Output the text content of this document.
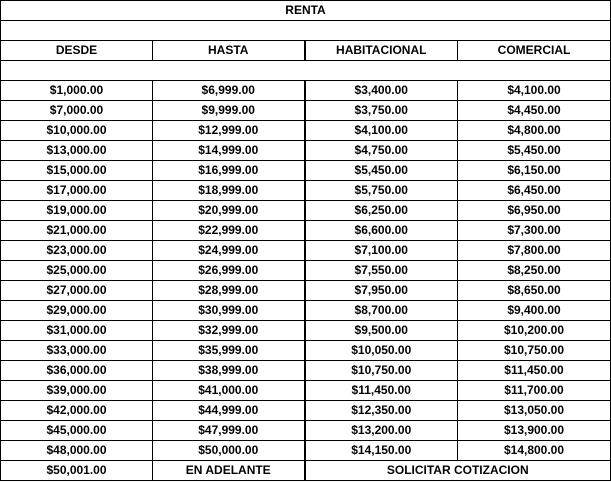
RENTA			

DESDE	HASTA	HABITACIONAL	COMERCIAL

$1,000.00	$6,999.00	$3,400.00	$4,100.00
$7,000.00	$9,999.00	$3,750.00	$4,450.00
$10,000.00	$12,999.00	$4,100.00	$4,800.00
$13,000.00	$14,999.00	$4,750.00	$5,450.00
$15,000.00	$16,999.00	$5,450.00	$6,150.00
$17,000.00	$18,999.00	$5,750.00	$6,450.00
$19,000.00	$20,999.00	$6,250.00	$6,950.00
$21,000.00	$22,999.00	$6,600.00	$7,300.00
$23,000.00	$24,999.00	$7,100.00	$7,800.00
$25,000.00	$26,999.00	$7,550.00	$8,250.00
$27,000.00	$28,999.00	$7,950.00	$8,650.00
$29,000.00	$30,999.00	$8,700.00	$9,400.00
$31,000.00	$32,999.00	$9,500.00	$10,200.00
$33,000.00	$35,999.00	$10,050.00	$10,750.00
$36,000.00	$38,999.00	$10,750.00	$11,450.00
$39,000.00	$41,000.00	$11,450.00	$11,700.00
$42,000.00	$44,999.00	$12,350.00	$13,050.00
$45,000.00	$47,999.00	$13,200.00	$13,900.00
$48,000.00	$50,000.00	$14,150.00	$14,800.00
$50,001.00	EN ADELANTE	SOLICITAR COTIZACION	
